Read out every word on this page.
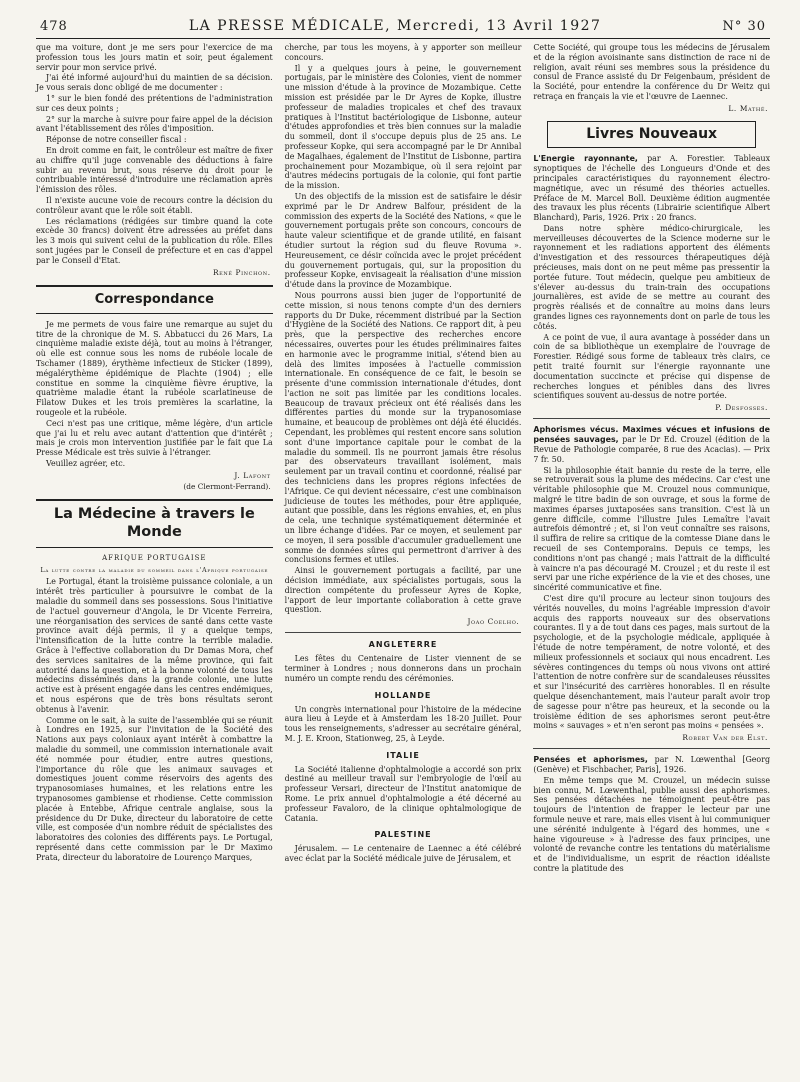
478	LA PRESSE MÉDICALE, Mercredi, 13 Avril 1927	N° 30

que ma voiture, dont je me sers pour l'exercice de ma profession tous les jours matin et soir, peut également servir pour mon service privé.

J'ai été informé aujourd'hui du maintien de sa décision. Je vous serais donc obligé de me documenter :

1° sur le bien fondé des prétentions de l'administration sur ces deux points ;

2° sur la marche à suivre pour faire appel de la décision avant l'établissement des rôles d'imposition.

Réponse de notre conseiller fiscal :

En droit comme en fait, le contrôleur est maître de fixer au chiffre qu'il juge convenable des déductions à faire subir au revenu brut, sous réserve du droit pour le contribuable intéressé d'introduire une réclamation après l'émission des rôles.

Il n'existe aucune voie de recours contre la décision du contrôleur avant que le rôle soit établi.

Les réclamations (rédigées sur timbre quand la cote excède 30 francs) doivent être adressées au préfet dans les 3 mois qui suivent celui de la publication du rôle. Elles sont jugées par le Conseil de préfecture et en cas d'appel par le Conseil d'Etat.

René Pinchon.
Correspondance

Je me permets de vous faire une remarque au sujet du titre de la chronique de M. S. Abbatucci du 26 Mars, La cinquième maladie existe déjà, tout au moins à l'étranger, où elle est connue sous les noms de rubéole locale de Tschamer (1889), érythème infectieux de Sticker (1899), mégalérythème épidémique de Plachte (1904) ; elle constitue en somme la cinquième fièvre éruptive, la quatrième maladie étant la rubéole scarlatineuse de Filatow Dukes et les trois premières la scarlatine, la rougeole et la rubéole.

Ceci n'est pas une critique, même légère, d'un article que j'ai lu et relu avec autant d'attention que d'intérêt ; mais je crois mon intervention justifiée par le fait que La Presse Médicale est très suivie à l'étranger.

Veuillez agréer, etc.

J. Lafont
(de Clermont-Ferrand).
La Médecine à travers le Monde
AFRIQUE PORTUGAISE
La lutte contre la maladie du sommeil dans l'Afrique portugaise

Le Portugal, étant la troisième puissance coloniale, a un intérêt très particulier à poursuivre le combat de la maladie du sommeil dans ses possessions. Sous l'initiative de l'actuel gouverneur d'Angola, le Dr Vicente Ferreira, une réorganisation des services de santé dans cette vaste province avait déjà permis, il y a quelque temps, l'intensification de la lutte contre la terrible maladie. Grâce à l'effective collaboration du Dr Damas Mora, chef des services sanitaires de la même province, qui fait autorité dans la question, et à la bonne volonté de tous les médecins disséminés dans la grande colonie, une lutte active est à présent engagée dans les centres endémiques, et nous espérons que de très bons résultats seront obtenus à l'avenir.

Comme on le sait, à la suite de l'assemblée qui se réunit à Londres en 1925, sur l'invitation de la Société des Nations aux pays coloniaux ayant intérêt à combattre la maladie du sommeil, une commission internationale avait été nommée pour étudier, entre autres questions, l'importance du rôle que les animaux sauvages et domestiques jouent comme réservoirs des agents des trypanosomiases humaines, et les relations entre les trypanosomes gambiense et rhodiense. Cette commission placée à Entebbe, Afrique centrale anglaise, sous la présidence du Dr Duke, directeur du laboratoire de cette ville, est composée d'un nombre réduit de spécialistes des laboratoires des colonies des différents pays. Le Portugal, représenté dans cette commission par le Dr Maximo Prata, directeur du laboratoire de Lourenço Marques,

cherche, par tous les moyens, à y apporter son meilleur concours.

Il y a quelques jours à peine, le gouvernement portugais, par le ministère des Colonies, vient de nommer une mission d'étude à la province de Mozambique. Cette mission est présidée par le Dr Ayres de Kopke, illustre professeur de maladies tropicales et chef des travaux pratiques à l'Institut bactériologique de Lisbonne, auteur d'études approfondies et très bien connues sur la maladie du sommeil, dont il s'occupe depuis plus de 25 ans. Le professeur Kopke, qui sera accompagné par le Dr Annibal de Magalhaes, également de l'Institut de Lisbonne, partira prochainement pour Mozambique, où il sera rejoint par d'autres médecins portugais de la colonie, qui font partie de la mission.

Un des objectifs de la mission est de satisfaire le désir exprimé par le Dr Andrew Balfour, président de la commission des experts de la Société des Nations, « que le gouvernement portugais prête son concours, concours de haute valeur scientifique et de grande utilité, en faisant étudier surtout la région sud du fleuve Rovuma ». Heureusement, ce désir coïncida avec le projet précédent du gouvernement portugais, qui, sur la proposition du professeur Kopke, envisageait la réalisation d'une mission d'étude dans la province de Mozambique.

Nous pourrons aussi bien juger de l'opportunité de cette mission, si nous tenons compte d'un des derniers rapports du Dr Duke, récemment distribué par la Section d'Hygiène de la Société des Nations. Ce rapport dit, à peu près, que la perspective des recherches encore nécessaires, ouvertes pour les études préliminaires faites en harmonie avec le programme initial, s'étend bien au delà des limites imposées à l'actuelle commission internationale. En conséquence de ce fait, le besoin se présente d'une commission internationale d'études, dont l'action ne soit pas limitée par les conditions locales. Beaucoup de travaux précieux ont été réalisés dans les différentes parties du monde sur la trypanosomiase humaine, et beaucoup de problèmes ont déjà été élucidés. Cependant, les problèmes qui restent encore sans solution sont d'une importance capitale pour le combat de la maladie du sommeil. Ils ne pourront jamais être résolus par des observateurs travaillant isolément, mais seulement par un travail continu et coordonné, réalisé par des techniciens dans les propres régions infectées de l'Afrique. Ce qui devient nécessaire, c'est une combinaison judicieuse de toutes les méthodes, pour être appliquée, autant que possible, dans les régions envahies, et, en plus de cela, une technique systématiquement déterminée et un libre échange d'idées. Par ce moyen, et seulement par ce moyen, il sera possible d'accumuler graduellement une somme de données sûres qui permettront d'arriver à des conclusions fermes et utiles.

Ainsi le gouvernement portugais a facilité, par une décision immédiate, aux spécialistes portugais, sous la direction compétente du professeur Ayres de Kopke, l'apport de leur importante collaboration à cette grave question.

Joao Coelho.
ANGLETERRE

Les fêtes du Centenaire de Lister viennent de se terminer à Londres ; nous donnerons dans un prochain numéro un compte rendu des cérémonies.

HOLLANDE

Un congrès international pour l'histoire de la médecine aura lieu à Leyde et à Amsterdam les 18-20 Juillet. Pour tous les renseignements, s'adresser au secrétaire général, M. J. E. Kroon, Stationweg, 25, à Leyde.

ITALIE

La Société italienne d'ophtalmologie a accordé son prix destiné au meilleur travail sur l'embryologie de l'œil au professeur Versari, directeur de l'Institut anatomique de Rome. Le prix annuel d'ophtalmologie a été décerné au professeur Favaloro, de la clinique ophtalmologique de Catania.

PALESTINE

Jérusalem. — Le centenaire de Laennec a été célébré avec éclat par la Société médicale juive de Jérusalem, et

Cette Société, qui groupe tous les médecins de Jérusalem et de la région avoisinante sans distinction de race ni de religion, avait réuni ses membres sous la présidence du consul de France assisté du Dr Feigenbaum, président de la Société, pour entendre la conférence du Dr Weitz qui retraça en français la vie et l'œuvre de Laennec.

L. Mathé.
Livres Nouveaux

L'Energie rayonnante, par A. Forestier. Tableaux synoptiques de l'échelle des Longueurs d'Onde et des principales caractéristiques du rayonnement électro-magnétique, avec un résumé des théories actuelles. Préface de M. Marcel Boll. Deuxième édition augmentée des travaux les plus récents (Librairie scientifique Albert Blanchard), Paris, 1926. Prix : 20 francs.

Dans notre sphère médico-chirurgicale, les merveilleuses découvertes de la Science moderne sur le rayonnement et les radiations apportent des éléments d'investigation et des ressources thérapeutiques déjà précieuses, mais dont on ne peut même pas pressentir la portée future. Tout médecin, quelque peu ambitieux de s'élever au-dessus du train-train des occupations journalières, est avide de se mettre au courant des progrès réalisés et de connaître au moins dans leurs grandes lignes ces rayonnements dont on parle de tous les côtés.

A ce point de vue, il aura avantage à posséder dans un coin de sa bibliothèque un exemplaire de l'ouvrage de Forestier. Rédigé sous forme de tableaux très clairs, ce petit traité fournit sur l'énergie rayonnante une documentation succincte et précise qui dispense de recherches longues et pénibles dans des livres scientifiques souvent au-dessus de notre portée.

P. Desfosses.

Aphorismes vécus. Maximes vécues et infusions de pensées sauvages, par le Dr Ed. Crouzel (édition de la Revue de Pathologie comparée, 8 rue des Acacias). — Prix 7 fr. 50.

Si la philosophie était bannie du reste de la terre, elle se retrouverait sous la plume des médecins. Car c'est une véritable philosophie que M. Crouzel nous communique, malgré le titre badin de son ouvrage, et sous la forme de maximes éparses juxtaposées sans transition. C'est là un genre difficile, comme l'illustre Jules Lemaître l'avait autrefois démontré ; et, si l'on veut connaître ses raisons, il suffira de relire sa critique de la comtesse Diane dans le recueil de ses Contemporains. Depuis ce temps, les conditions n'ont pas changé ; mais l'attrait de la difficulté à vaincre n'a pas découragé M. Crouzel ; et du reste il est servi par une riche expérience de la vie et des choses, une sincérité communicative et fine.

C'est dire qu'il procure au lecteur sinon toujours des vérités nouvelles, du moins l'agréable impression d'avoir acquis des rapports nouveaux sur des observations courantes. Il y a de tout dans ces pages, mais surtout de la psychologie, et de la psychologie médicale, appliquée à l'étude de notre tempérament, de notre volonté, et des milieux professionnels et sociaux qui nous encadrent. Les sévères contingences du temps où nous vivons ont attiré l'attention de notre confrère sur de scandaleuses réussites et sur l'insécurité des carrières honorables. Il en résulte quelque désenchantement, mais l'auteur paraît avoir trop de sagesse pour n'être pas heureux, et la seconde ou la troisième édition de ses aphorismes seront peut-être moins « sauvages » et n'en seront pas moins « pensées ».

Robert Van der Elst.

Pensées et aphorismes, par N. Lœwenthal [Georg (Genève) et Fischbacher, Paris], 1926.

En même temps que M. Crouzel, un médecin suisse bien connu, M. Lœwenthal, publie aussi des aphorismes. Ses pensées détachées ne témoignent peut-être pas toujours de l'intention de frapper le lecteur par une formule neuve et rare, mais elles visent à lui communiquer une sérénité indulgente à l'égard des hommes, une « haine vigoureuse » à l'adresse des faux principes, une volonté de revanche contre les tentations du matérialisme et de l'individualisme, un esprit de réaction idéaliste contre la platitude des
